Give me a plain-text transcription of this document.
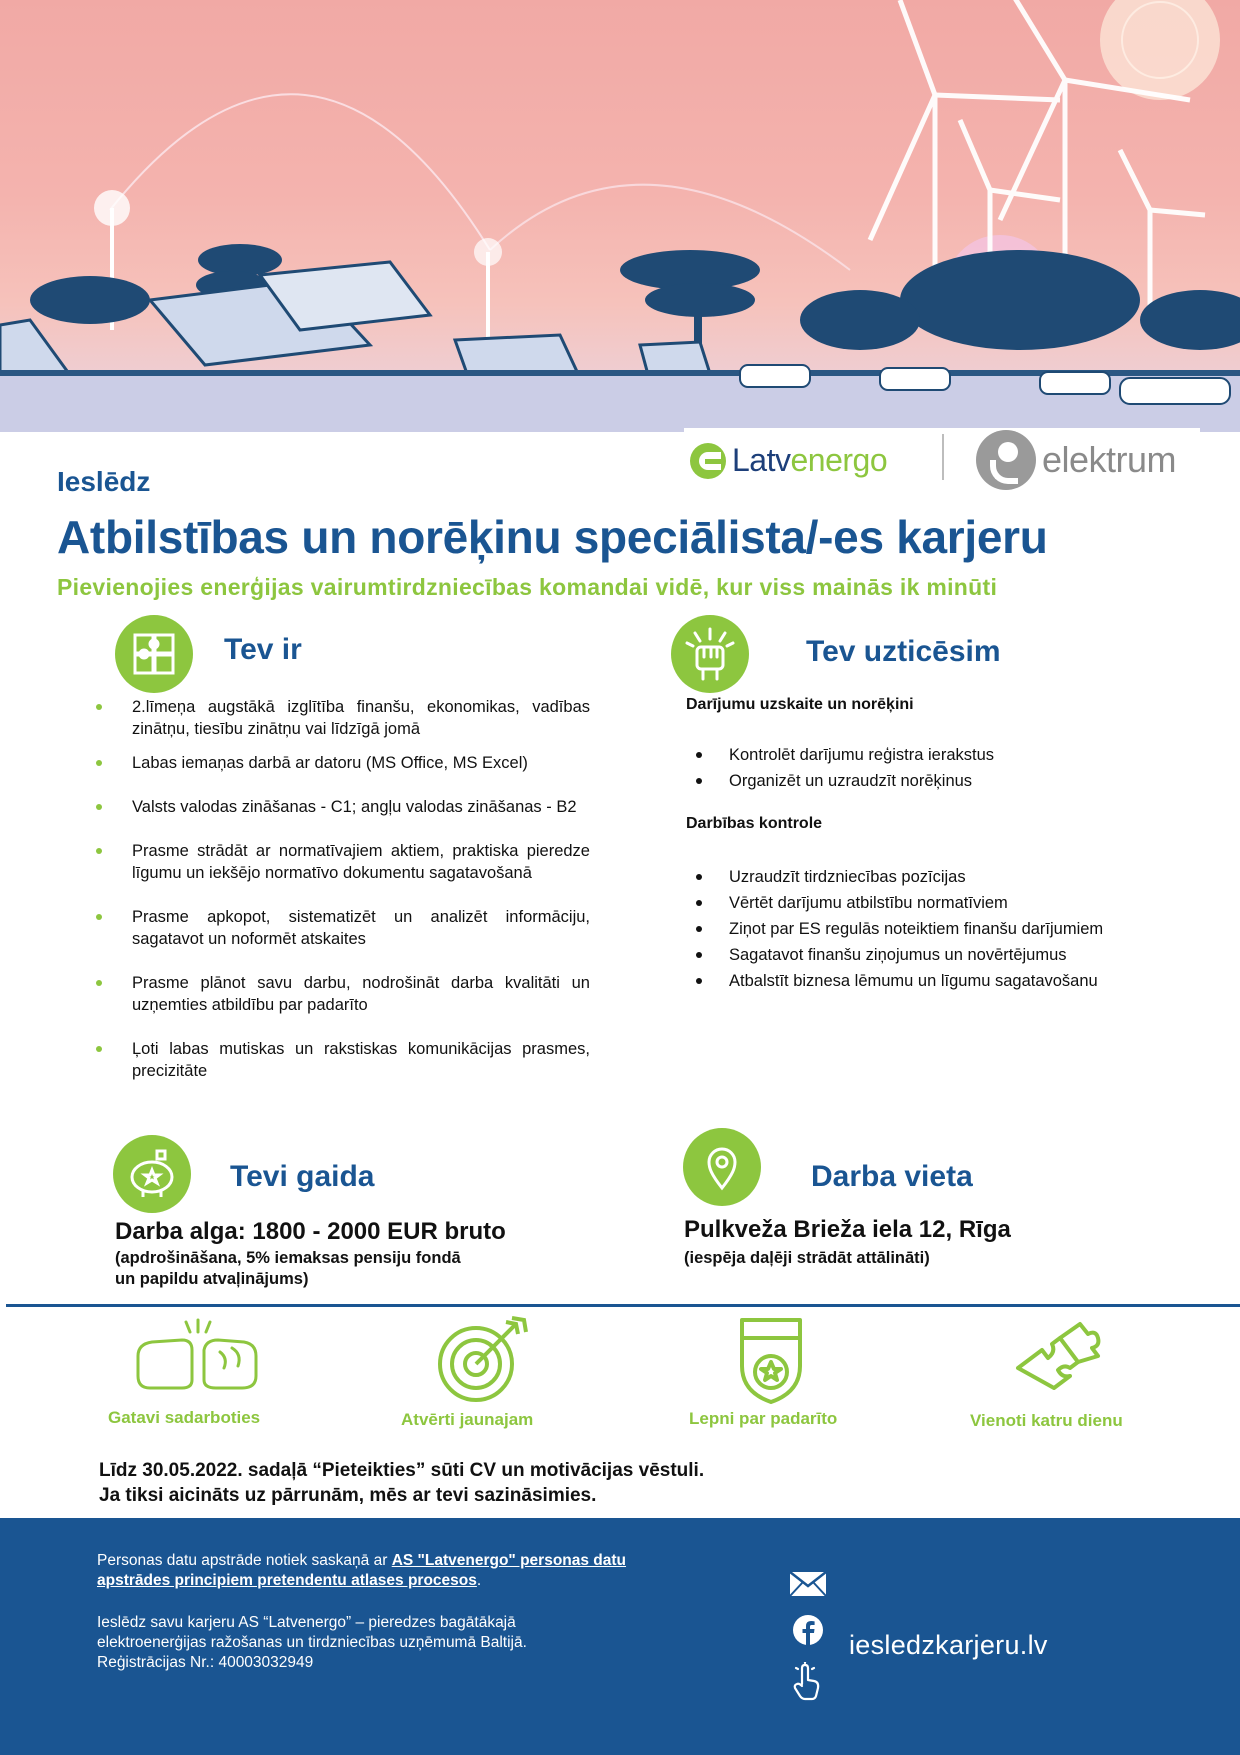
Latvenergo	elektrum
Ieslēdz
Atbilstības un norēķinu speciālista/-es karjeru
Pievienojies enerģijas vairumtirdzniecības komandai vidē, kur viss mainās ik minūti
Tev ir
2.līmeņa augstākā izglītība finanšu, ekonomikas, vadības zinātņu, tiesību zinātņu vai līdzīgā jomā
Labas iemaņas darbā ar datoru (MS Office, MS Excel)
Valsts valodas zināšanas - C1; angļu valodas zināšanas - B2
Prasme strādāt ar normatīvajiem aktiem, praktiska pieredze līgumu un iekšējo normatīvo dokumentu sagatavošanā
Prasme apkopot, sistematizēt un analizēt informāciju, sagatavot un noformēt atskaites
Prasme plānot savu darbu, nodrošināt darba kvalitāti un uzņemties atbildību par padarīto
Ļoti labas mutiskas un rakstiskas komunikācijas prasmes, precizitāte
Tev uzticēsim
Darījumu uzskaite un norēķini
Kontrolēt darījumu reģistra ierakstus
Organizēt un uzraudzīt norēķinus
Darbības kontrole
Uzraudzīt tirdzniecības pozīcijas
Vērtēt darījumu atbilstību normatīviem
Ziņot par ES regulās noteiktiem finanšu darījumiem
Sagatavot finanšu ziņojumus un novērtējumus
Atbalstīt biznesa lēmumu un līgumu sagatavošanu
Tevi gaida
Darba alga: 1800 - 2000 EUR bruto
(apdrošināšana, 5% iemaksas pensiju fondā
un papildu atvaļinājums)
Darba vieta
Pulkveža Brieža iela 12, Rīga
(iespēja daļēji strādāt attālināti)
Gatavi sadarboties	Atvērti jaunajam	Lepni par padarīto	Vienoti katru dienu
Līdz 30.05.2022. sadaļā “Pieteikties” sūti CV un motivācijas vēstuli.
Ja tiksi aicināts uz pārrunām, mēs ar tevi sazināsimies.
Personas datu apstrāde notiek saskaņā ar AS "Latvenergo" personas datu apstrādes principiem pretendentu atlases procesos.
Ieslēdz savu karjeru AS “Latvenergo” – pieredzes bagātākajā
elektroenerģijas ražošanas un tirdzniecības uzņēmumā Baltijā.
Reģistrācijas Nr.: 40003032949
iesledzkarjeru.lv
